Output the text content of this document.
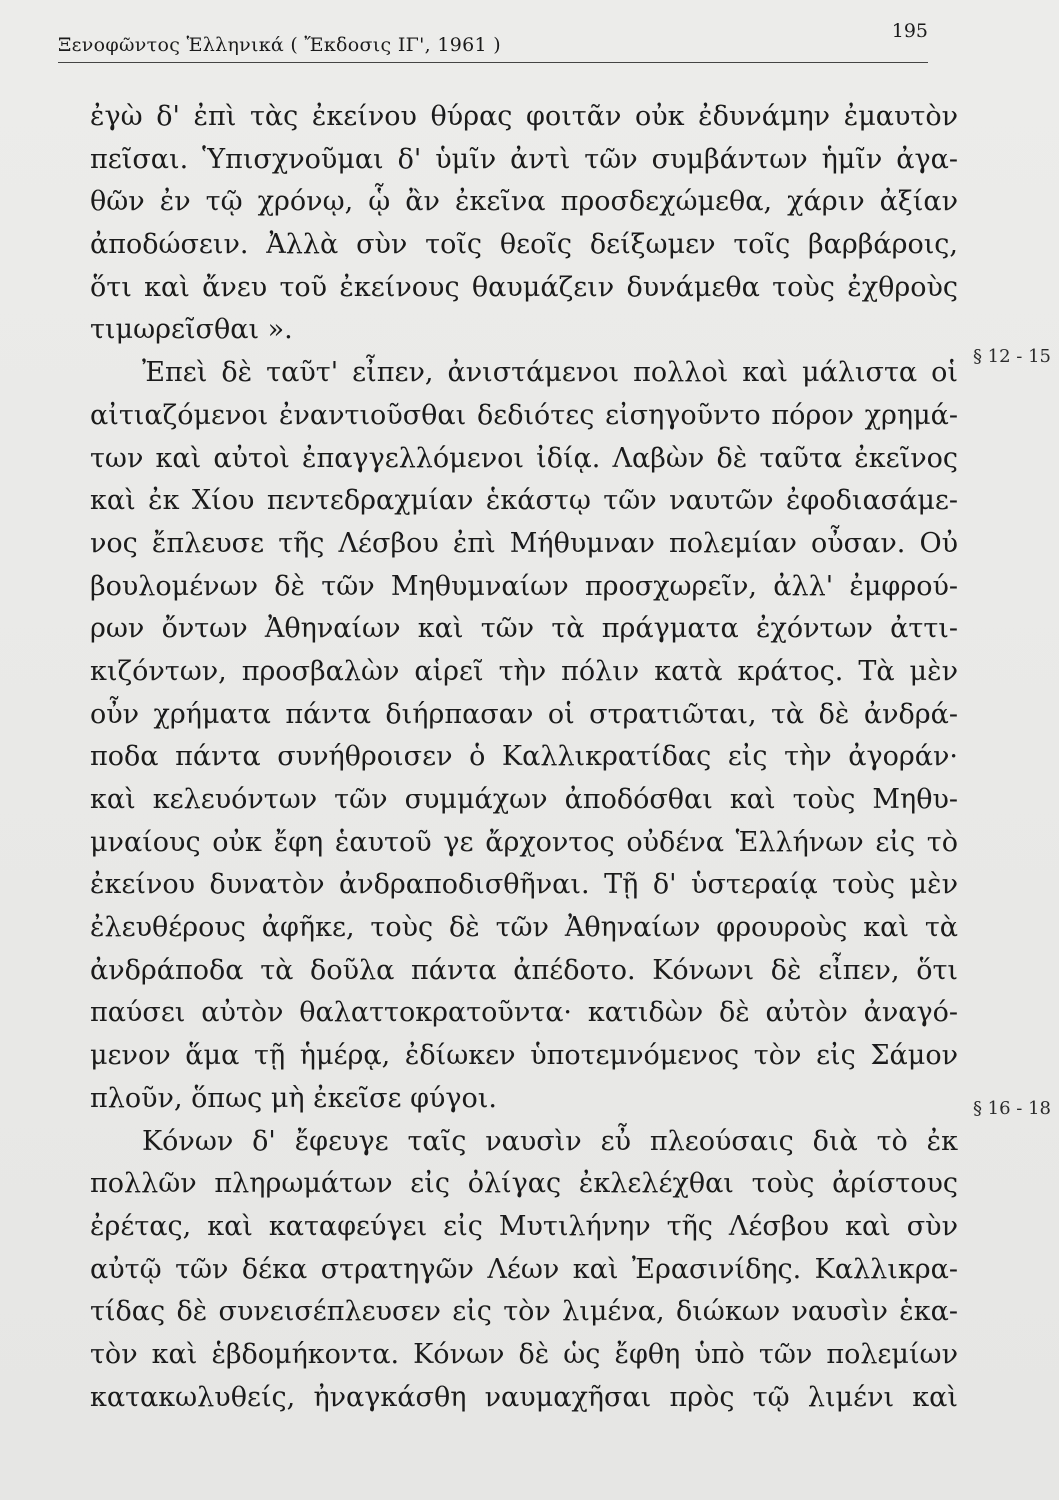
Ξενοφῶντος Ἑλληνικά ( Ἔκδοσις ΙΓ', 1961 )
195
ἐγὼ δ' ἐπὶ τὰς ἐκείνου θύρας φοιτᾶν οὐκ ἐδυνάμην ἐμαυτὸν
πεῖσαι. Ὑπισχνοῦμαι δ' ὑμῖν ἀντὶ τῶν συμβάντων ἡμῖν ἀγα-
θῶν ἐν τῷ χρόνῳ, ᾧ ἂν ἐκεῖνα προσδεχώμεθα, χάριν ἀξίαν
ἀποδώσειν. Ἀλλὰ σὺν τοῖς θεοῖς δείξωμεν τοῖς βαρβάροις,
ὅτι καὶ ἄνευ τοῦ ἐκείνους θαυμάζειν δυνάμεθα τοὺς ἐχθροὺς
τιμωρεῖσθαι ».
Ἐπεὶ δὲ ταῦτ' εἶπεν, ἀνιστάμενοι πολλοὶ καὶ μάλιστα οἱ
αἰτιαζόμενοι ἐναντιοῦσθαι δεδιότες εἰσηγοῦντο πόρον χρημά-
των καὶ αὐτοὶ ἐπαγγελλόμενοι ἰδίᾳ. Λαβὼν δὲ ταῦτα ἐκεῖνος
καὶ ἐκ Χίου πεντεδραχμίαν ἑκάστῳ τῶν ναυτῶν ἐφοδιασάμε-
νος ἔπλευσε τῆς Λέσβου ἐπὶ Μήθυμναν πολεμίαν οὖσαν. Οὐ
βουλομένων δὲ τῶν Μηθυμναίων προσχωρεῖν, ἀλλ' ἐμφρού-
ρων ὄντων Ἀθηναίων καὶ τῶν τὰ πράγματα ἐχόντων ἀττι-
κιζόντων, προσβαλὼν αἱρεῖ τὴν πόλιν κατὰ κράτος. Τὰ μὲν
οὖν χρήματα πάντα διήρπασαν οἱ στρατιῶται, τὰ δὲ ἀνδρά-
ποδα πάντα συνήθροισεν ὁ Καλλικρατίδας εἰς τὴν ἀγοράν·
καὶ κελευόντων τῶν συμμάχων ἀποδόσθαι καὶ τοὺς Μηθυ-
μναίους οὐκ ἔφη ἑαυτοῦ γε ἄρχοντος οὐδένα Ἑλλήνων εἰς τὸ
ἐκείνου δυνατὸν ἀνδραποδισθῆναι. Τῇ δ' ὑστεραίᾳ τοὺς μὲν
ἐλευθέρους ἀφῆκε, τοὺς δὲ τῶν Ἀθηναίων φρουροὺς καὶ τὰ
ἀνδράποδα τὰ δοῦλα πάντα ἀπέδοτο. Κόνωνι δὲ εἶπεν, ὅτι
παύσει αὐτὸν θαλαττοκρατοῦντα· κατιδὼν δὲ αὐτὸν ἀναγό-
μενον ἅμα τῇ ἡμέρᾳ, ἐδίωκεν ὑποτεμνόμενος τὸν εἰς Σάμον
πλοῦν, ὅπως μὴ ἐκεῖσε φύγοι.
Κόνων δ' ἔφευγε ταῖς ναυσὶν εὖ πλεούσαις διὰ τὸ ἐκ
πολλῶν πληρωμάτων εἰς ὀλίγας ἐκλελέχθαι τοὺς ἀρίστους
ἐρέτας, καὶ καταφεύγει εἰς Μυτιλήνην τῆς Λέσβου καὶ σὺν
αὐτῷ τῶν δέκα στρατηγῶν Λέων καὶ Ἐρασινίδης. Καλλικρα-
τίδας δὲ συνεισέπλευσεν εἰς τὸν λιμένα, διώκων ναυσὶν ἑκα-
τὸν καὶ ἑβδομήκοντα. Κόνων δὲ ὡς ἔφθη ὑπὸ τῶν πολεμίων
κατακωλυθείς, ἠναγκάσθη ναυμαχῆσαι πρὸς τῷ λιμένι καὶ
§ 12 - 15
§ 16 - 18
